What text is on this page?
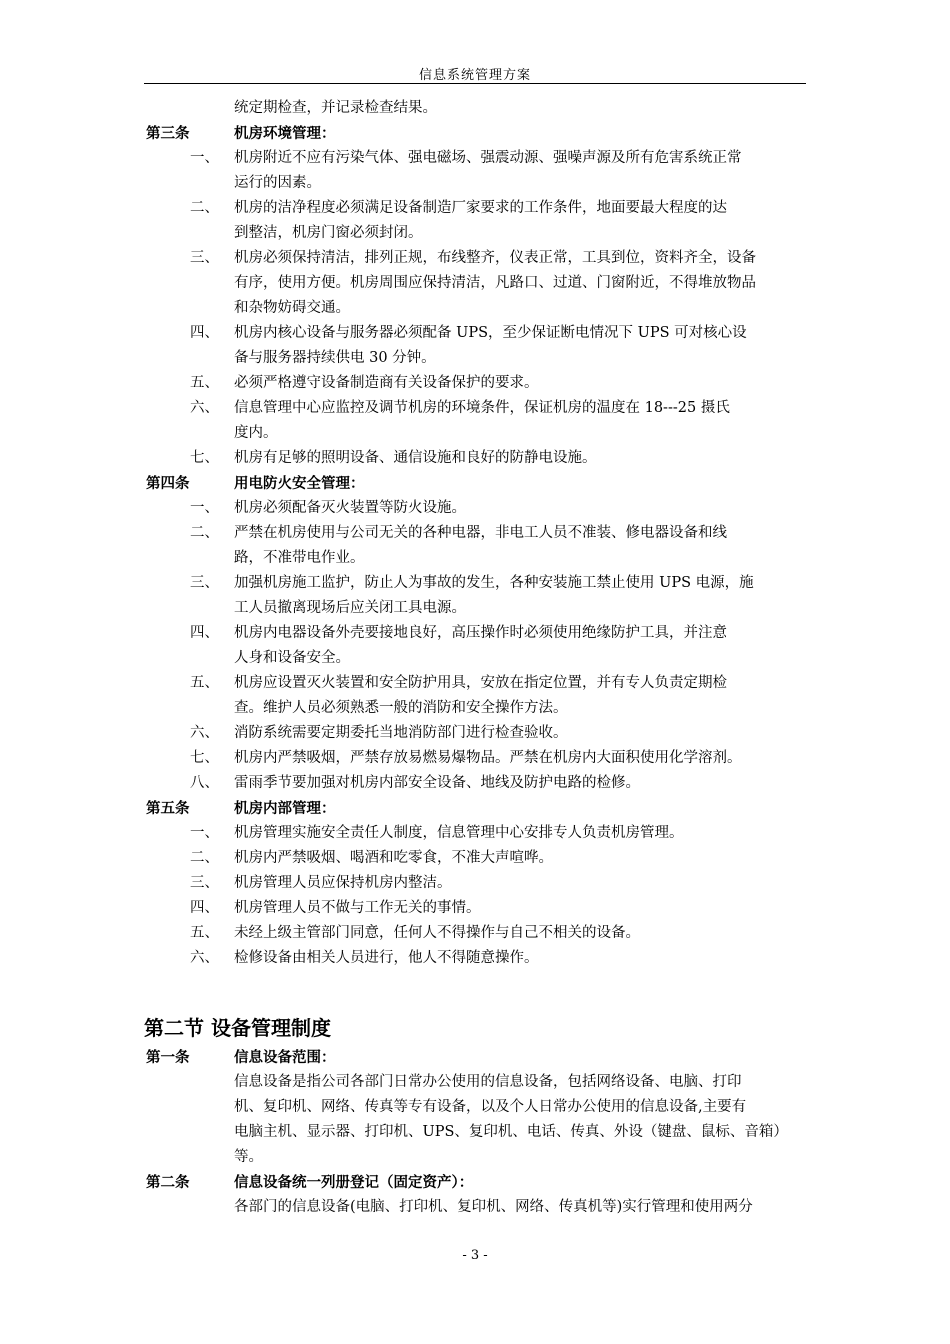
信息系统管理方案
统定期检查，并记录检查结果。
第三条	机房环境管理：
一、	机房附近不应有污染气体、强电磁场、强震动源、强噪声源及所有危害系统正常
运行的因素。
二、	机房的洁净程度必须满足设备制造厂家要求的工作条件，地面要最大程度的达
到整洁，机房门窗必须封闭。
三、	机房必须保持清洁，排列正规，布线整齐，仪表正常，工具到位，资料齐全，设备
有序，使用方便。机房周围应保持清洁，凡路口、过道、门窗附近，不得堆放物品
和杂物妨碍交通。
四、	机房内核心设备与服务器必须配备 UPS，至少保证断电情况下 UPS 可对核心设
备与服务器持续供电 30 分钟。
五、	必须严格遵守设备制造商有关设备保护的要求。
六、	信息管理中心应监控及调节机房的环境条件，保证机房的温度在 18---25 摄氏
度内。
七、	机房有足够的照明设备、通信设施和良好的防静电设施。
第四条	用电防火安全管理：
一、	机房必须配备灭火装置等防火设施。
二、	严禁在机房使用与公司无关的各种电器，非电工人员不准装、修电器设备和线
路，不准带电作业。
三、	加强机房施工监护，防止人为事故的发生，各种安装施工禁止使用 UPS 电源，施
工人员撤离现场后应关闭工具电源。
四、	机房内电器设备外壳要接地良好，高压操作时必须使用绝缘防护工具，并注意
人身和设备安全。
五、	机房应设置灭火装置和安全防护用具，安放在指定位置，并有专人负责定期检
查。维护人员必须熟悉一般的消防和安全操作方法。
六、	消防系统需要定期委托当地消防部门进行检查验收。
七、	机房内严禁吸烟，严禁存放易燃易爆物品。严禁在机房内大面积使用化学溶剂。
八、	雷雨季节要加强对机房内部安全设备、地线及防护电路的检修。
第五条	机房内部管理：
一、	机房管理实施安全责任人制度，信息管理中心安排专人负责机房管理。
二、	机房内严禁吸烟、喝酒和吃零食，不准大声喧哗。
三、	机房管理人员应保持机房内整洁。
四、	机房管理人员不做与工作无关的事情。
五、	未经上级主管部门同意，任何人不得操作与自己不相关的设备。
六、	检修设备由相关人员进行，他人不得随意操作。
第二节 设备管理制度
第一条	信息设备范围：
信息设备是指公司各部门日常办公使用的信息设备，包括网络设备、电脑、打印
机、复印机、网络、传真等专有设备，以及个人日常办公使用的信息设备,主要有
电脑主机、显示器、打印机、UPS、复印机、电话、传真、外设（键盘、鼠标、音箱）
等。
第二条	信息设备统一列册登记（固定资产）：
各部门的信息设备(电脑、打印机、复印机、网络、传真机等)实行管理和使用两分
- 3 -
